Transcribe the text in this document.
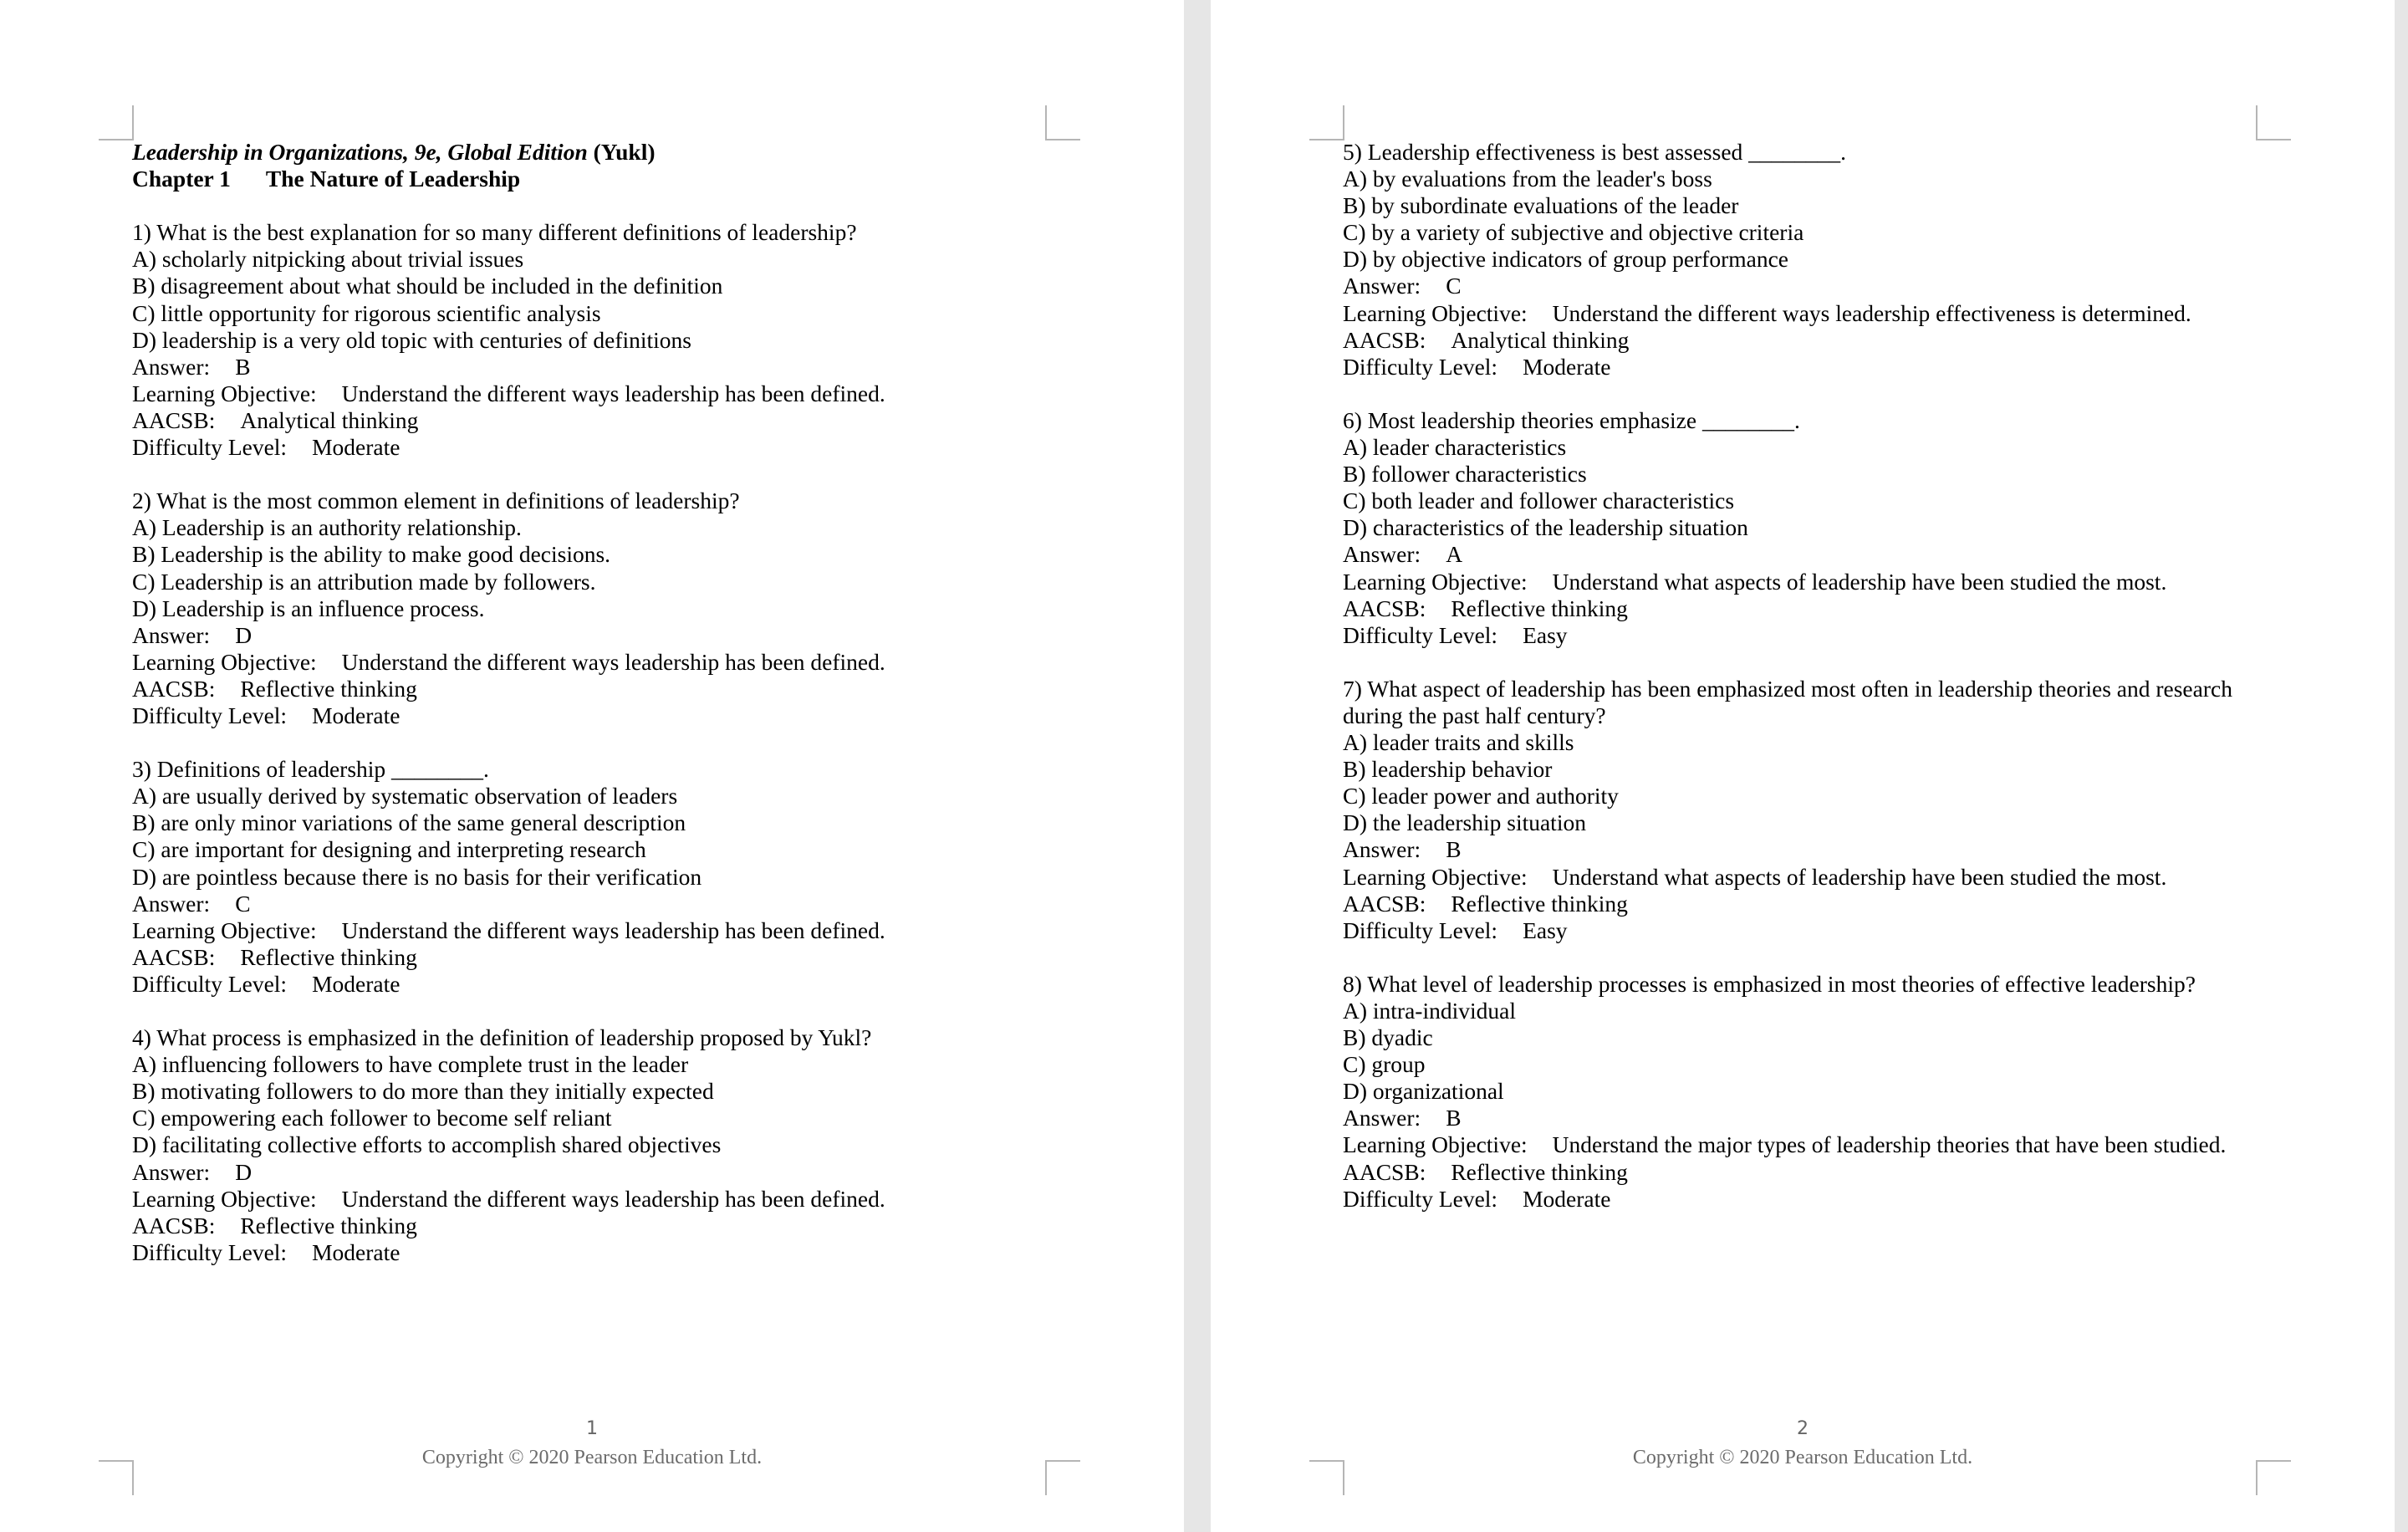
Leadership in Organizations, 9e, Global Edition (Yukl)
Chapter 1 The Nature of Leadership
1) What is the best explanation for so many different definitions of leadership?
A) scholarly nitpicking about trivial issues
B) disagreement about what should be included in the definition
C) little opportunity for rigorous scientific analysis
D) leadership is a very old topic with centuries of definitions
Answer: B
Learning Objective: Understand the different ways leadership has been defined.
AACSB: Analytical thinking
Difficulty Level: Moderate
2) What is the most common element in definitions of leadership?
A) Leadership is an authority relationship.
B) Leadership is the ability to make good decisions.
C) Leadership is an attribution made by followers.
D) Leadership is an influence process.
Answer: D
Learning Objective: Understand the different ways leadership has been defined.
AACSB: Reflective thinking
Difficulty Level: Moderate
3) Definitions of leadership ________.
A) are usually derived by systematic observation of leaders
B) are only minor variations of the same general description
C) are important for designing and interpreting research
D) are pointless because there is no basis for their verification
Answer: C
Learning Objective: Understand the different ways leadership has been defined.
AACSB: Reflective thinking
Difficulty Level: Moderate
4) What process is emphasized in the definition of leadership proposed by Yukl?
A) influencing followers to have complete trust in the leader
B) motivating followers to do more than they initially expected
C) empowering each follower to become self reliant
D) facilitating collective efforts to accomplish shared objectives
Answer: D
Learning Objective: Understand the different ways leadership has been defined.
AACSB: Reflective thinking
Difficulty Level: Moderate
1
Copyright © 2020 Pearson Education Ltd.
5) Leadership effectiveness is best assessed ________.
A) by evaluations from the leader's boss
B) by subordinate evaluations of the leader
C) by a variety of subjective and objective criteria
D) by objective indicators of group performance
Answer: C
Learning Objective: Understand the different ways leadership effectiveness is determined.
AACSB: Analytical thinking
Difficulty Level: Moderate
6) Most leadership theories emphasize ________.
A) leader characteristics
B) follower characteristics
C) both leader and follower characteristics
D) characteristics of the leadership situation
Answer: A
Learning Objective: Understand what aspects of leadership have been studied the most.
AACSB: Reflective thinking
Difficulty Level: Easy
7) What aspect of leadership has been emphasized most often in leadership theories and research during the past half century?
A) leader traits and skills
B) leadership behavior
C) leader power and authority
D) the leadership situation
Answer: B
Learning Objective: Understand what aspects of leadership have been studied the most.
AACSB: Reflective thinking
Difficulty Level: Easy
8) What level of leadership processes is emphasized in most theories of effective leadership?
A) intra-individual
B) dyadic
C) group
D) organizational
Answer: B
Learning Objective: Understand the major types of leadership theories that have been studied.
AACSB: Reflective thinking
Difficulty Level: Moderate
2
Copyright © 2020 Pearson Education Ltd.
